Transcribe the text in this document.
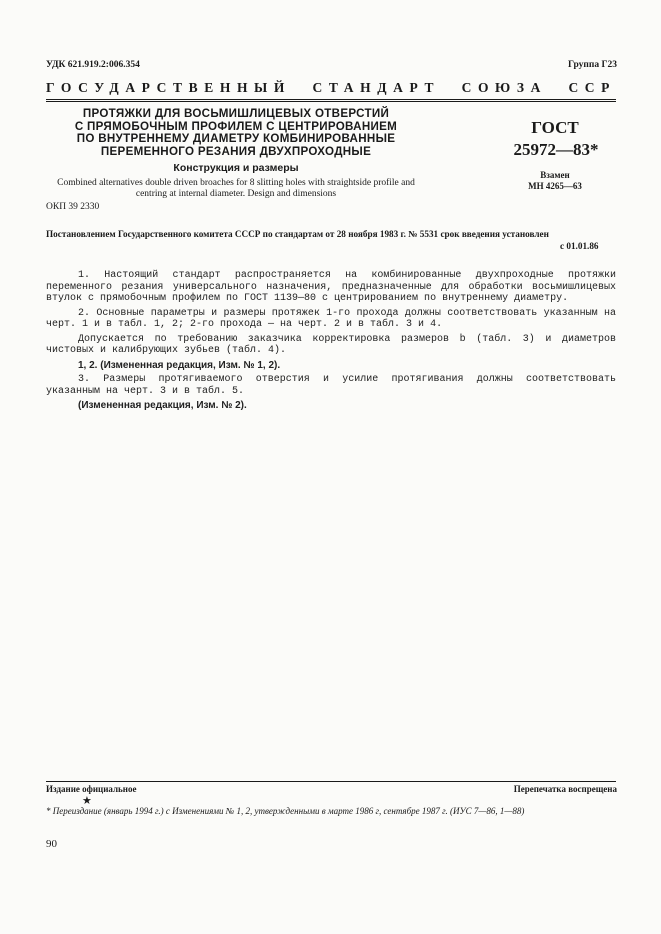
УДК 621.919.2:006.354	Группа Г23
ГОСУДАРСТВЕННЫЙ СТАНДАРТ СОЮЗА ССР
ПРОТЯЖКИ ДЛЯ ВОСЬМИШЛИЦЕВЫХ ОТВЕРСТИЙ
С ПРЯМОБОЧНЫМ ПРОФИЛЕМ С ЦЕНТРИРОВАНИЕМ
ПО ВНУТРЕННЕМУ ДИАМЕТРУ КОМБИНИРОВАННЫЕ
ПЕРЕМЕННОГО РЕЗАНИЯ ДВУХПРОХОДНЫЕ
Конструкция и размеры
Combined alternatives double driven broaches for 8 slitting holes with straightside profile and centring at internal diameter. Design and dimensions
ОКП 39 2330
ГОСТ
25972—83*
Взамен
МН 4265—63
Постановлением Государственного комитета СССР по стандартам от 28 ноября 1983 г. № 5531 срок введения установлен
с 01.01.86

1. Настоящий стандарт распространяется на комбинированные двухпроходные протяжки переменного резания универсального назначения, предназначенные для обработки восьмишлицевых втулок с прямобочным профилем по ГОСТ 1139—80 с центрированием по внутреннему диаметру.

2. Основные параметры и размеры протяжек 1-го прохода должны соответствовать указанным на черт. 1 и в табл. 1, 2; 2-го прохода — на черт. 2 и в табл. 3 и 4.

Допускается по требованию заказчика корректировка размеров b (табл. 3) и диаметров чистовых и калибрующих зубьев (табл. 4).

1, 2. (Измененная редакция, Изм. № 1, 2).

3. Размеры протягиваемого отверстия и усилие протягивания должны соответствовать указанным на черт. 3 и в табл. 5.

(Измененная редакция, Изм. № 2).

Издание официальное	Перепечатка воспрещена
★
* Переиздание (январь 1994 г.) с Изменениями № 1, 2, утвержденными в марте 1986 г, сентябре 1987 г. (ИУС 7—86, 1—88)
90
